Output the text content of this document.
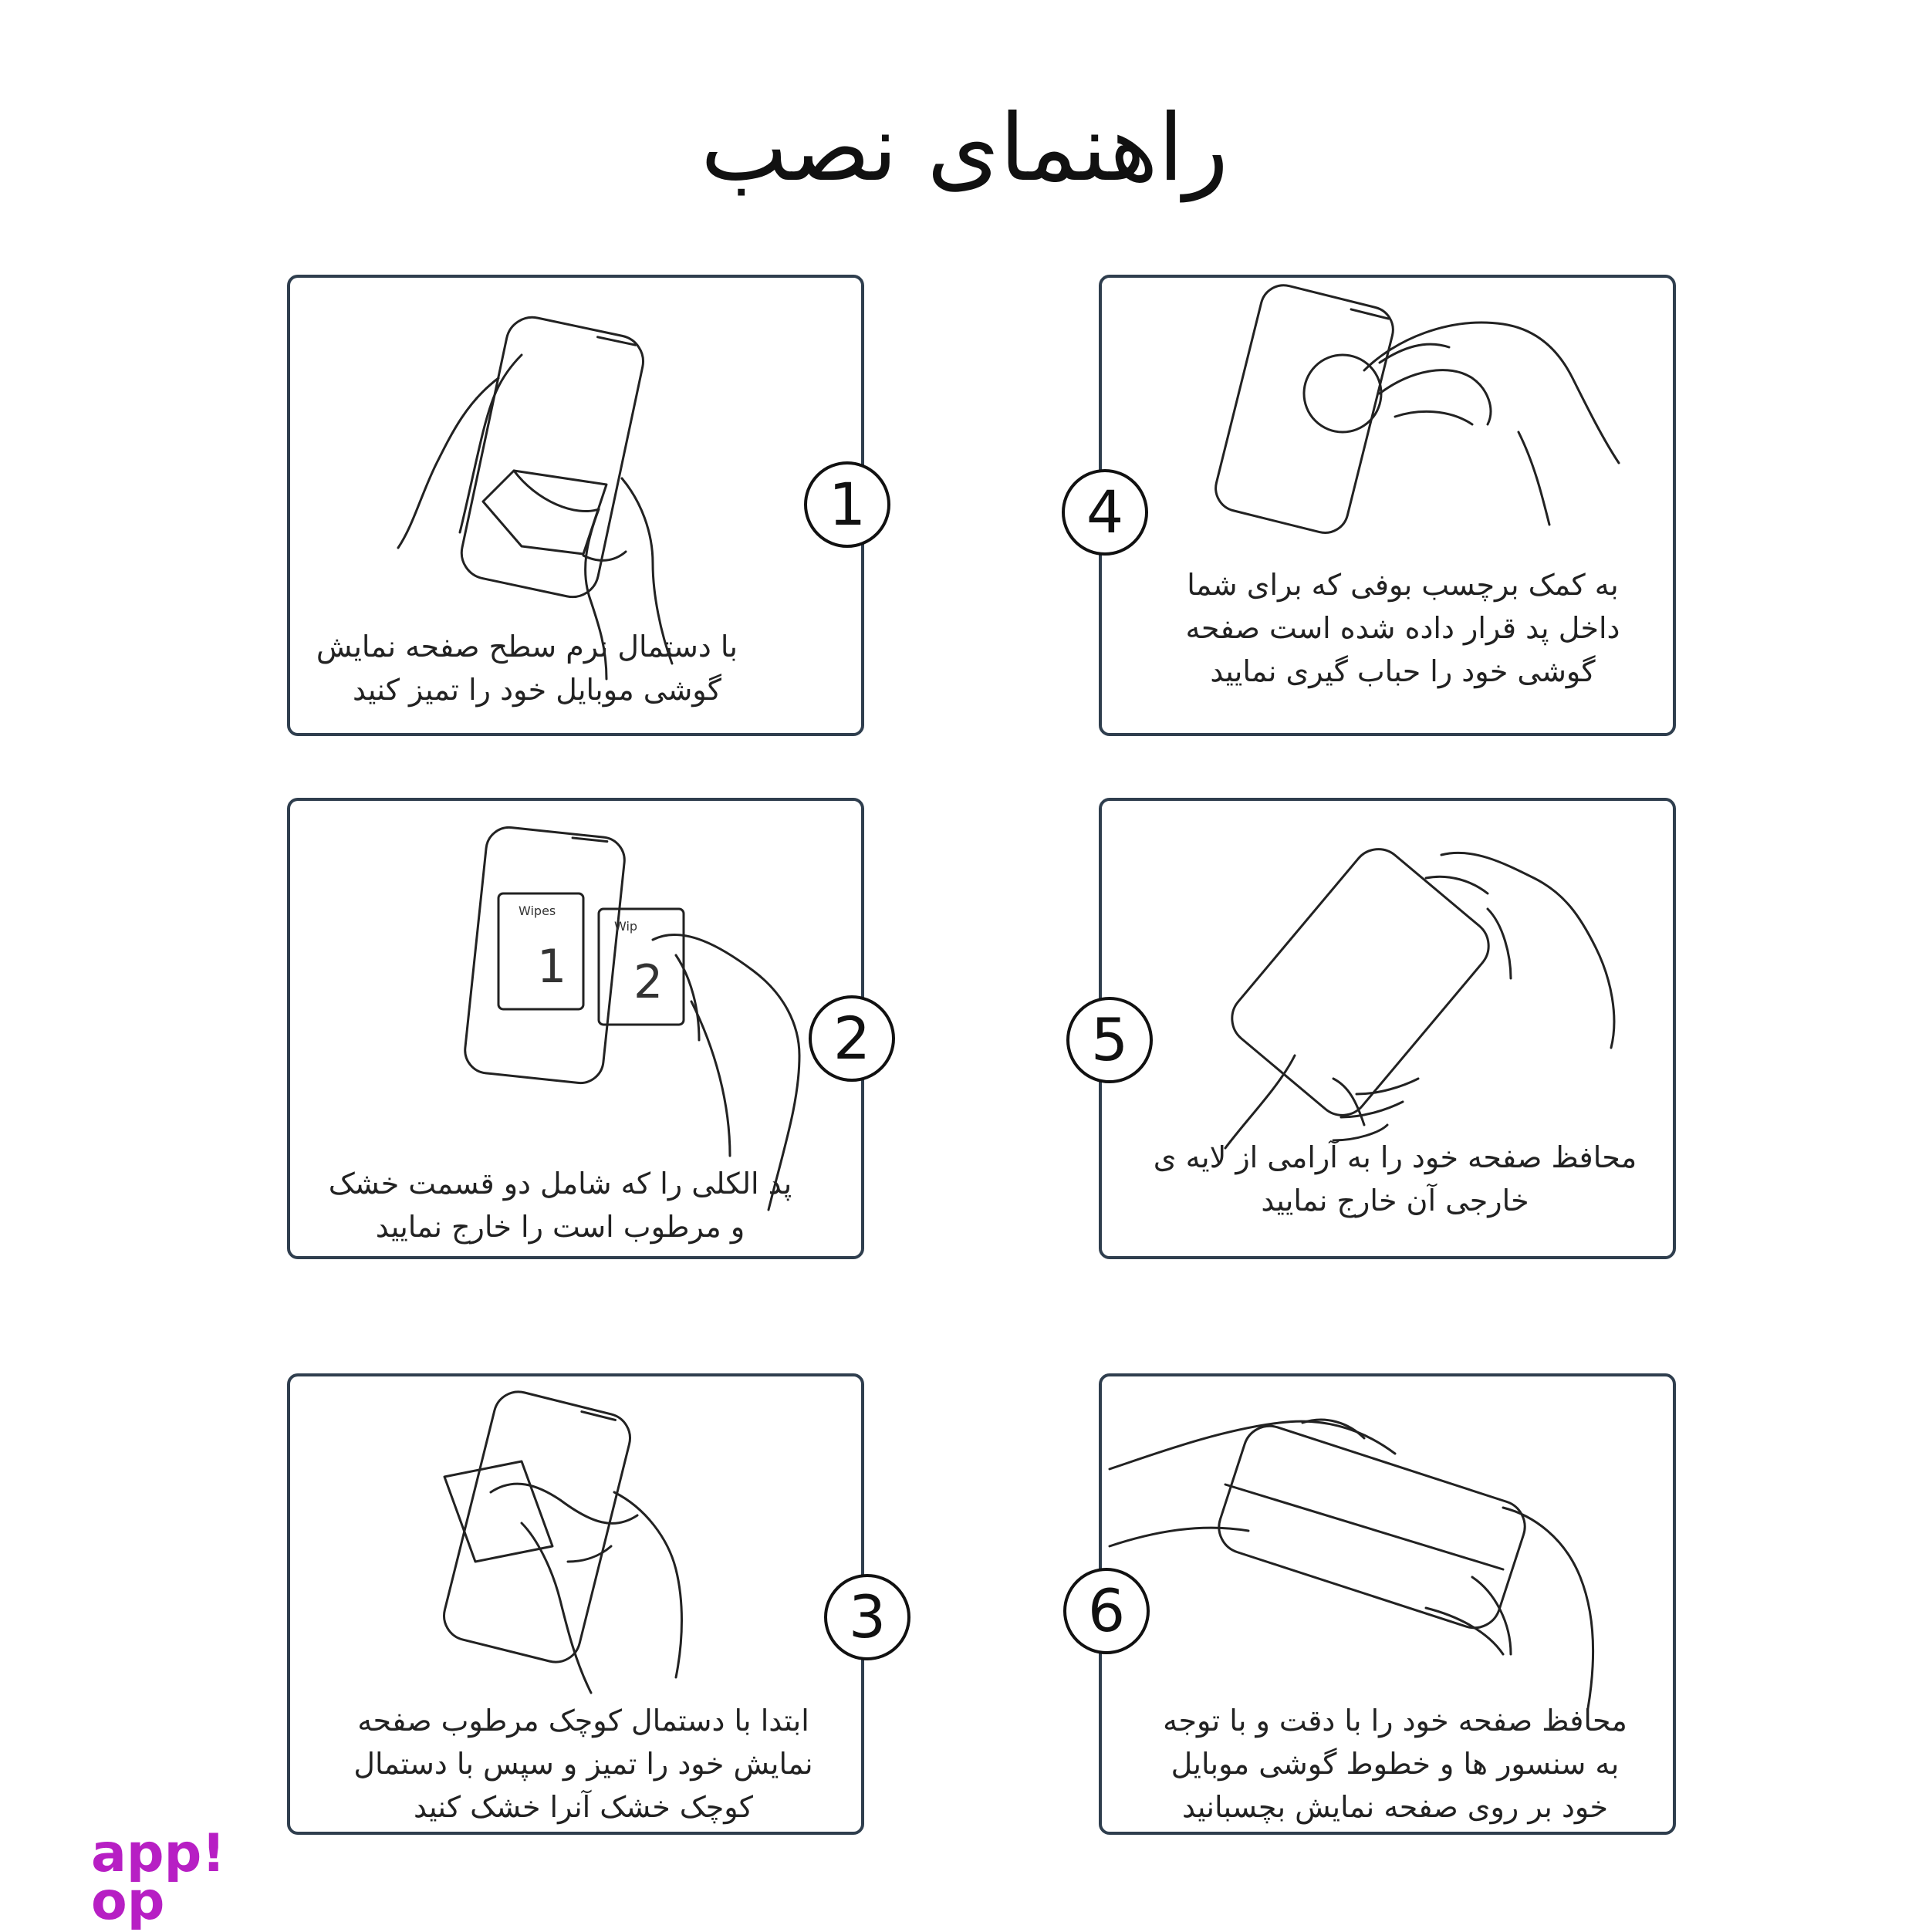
راهنمای نصب
1
با دستمال نرم سطح صفحه نمایش
گوشی موبایل خود را تمیز کنید
4
به کمک برچسب بوفی که برای شما
داخل پد قرار داده شده است صفحه
گوشی خود را حباب گیری نمایید
Wipes
Wip
1 2
2
پد الکلی را که شامل دو قسمت خشک
و مرطوب است را خارج نمایید
5
محافظ صفحه خود را به آرامی از لایه ی
خارجی آن خارج نمایید
3
ابتدا با دستمال کوچک مرطوب صفحه
نمایش خود را تمیز و سپس با دستمال
کوچک خشک آنرا خشک کنید
6
محافظ صفحه خود را با دقت و با توجه
به سنسور ها و خطوط گوشی موبایل
خود بر روی صفحه نمایش بچسبانید
app!
op
